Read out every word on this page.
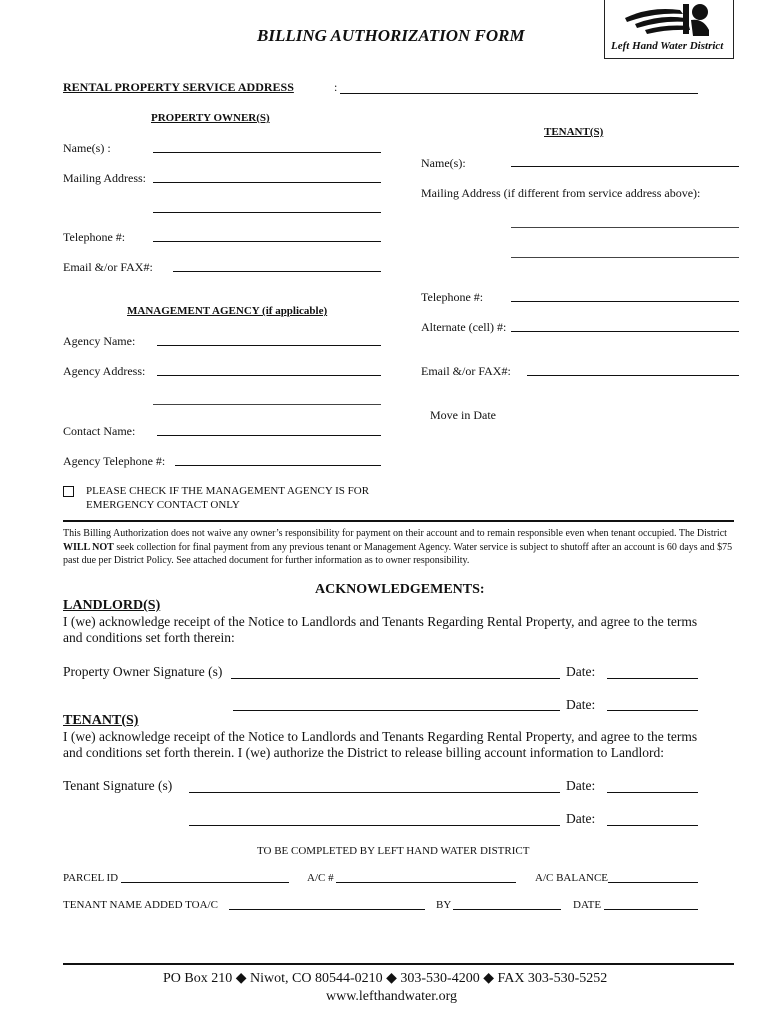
Left Hand Water District
BILLING AUTHORIZATION FORM
RENTAL PROPERTY SERVICE ADDRESS	:
PROPERTY OWNER(S)
Name(s) :
Mailing Address:
Telephone #:
Email &/or FAX#:
TENANT(S)
Name(s):
Mailing Address (if different from service address above):
Telephone #:
Alternate (cell) #:
Email &/or FAX#:
Move in Date
MANAGEMENT AGENCY (if applicable)
Agency Name:
Agency Address:
Contact Name:
Agency Telephone #:
PLEASE CHECK IF THE MANAGEMENT AGENCY IS FOR
EMERGENCY CONTACT ONLY
This Billing Authorization does not waive any owner’s responsibility for payment on their account and to remain responsible even when tenant occupied. The District WILL NOT seek collection for final payment from any previous tenant or Management Agency. Water service is subject to shutoff after an account is 60 days and $75 past due per District Policy. See attached document for further information as to owner responsibility.
ACKNOWLEDGEMENTS:
LANDLORD(S)
I (we) acknowledge receipt of the Notice to Landlords and Tenants Regarding Rental Property, and agree to the terms
and conditions set forth therein:
Property Owner Signature (s)	Date:
Date:
TENANT(S)
I (we) acknowledge receipt of the Notice to Landlords and Tenants Regarding Rental Property, and agree to the terms
and conditions set forth therein. I (we) authorize the District to release billing account information to Landlord:
Tenant Signature (s)	Date:
Date:
TO BE COMPLETED BY LEFT HAND WATER DISTRICT
PARCEL ID	A/C #	A/C BALANCE
TENANT NAME ADDED TOA/C	BY	DATE
PO Box 210 ◆ Niwot, CO 80544-0210 ◆ 303-530-4200 ◆ FAX 303-530-5252
www.lefthandwater.org
